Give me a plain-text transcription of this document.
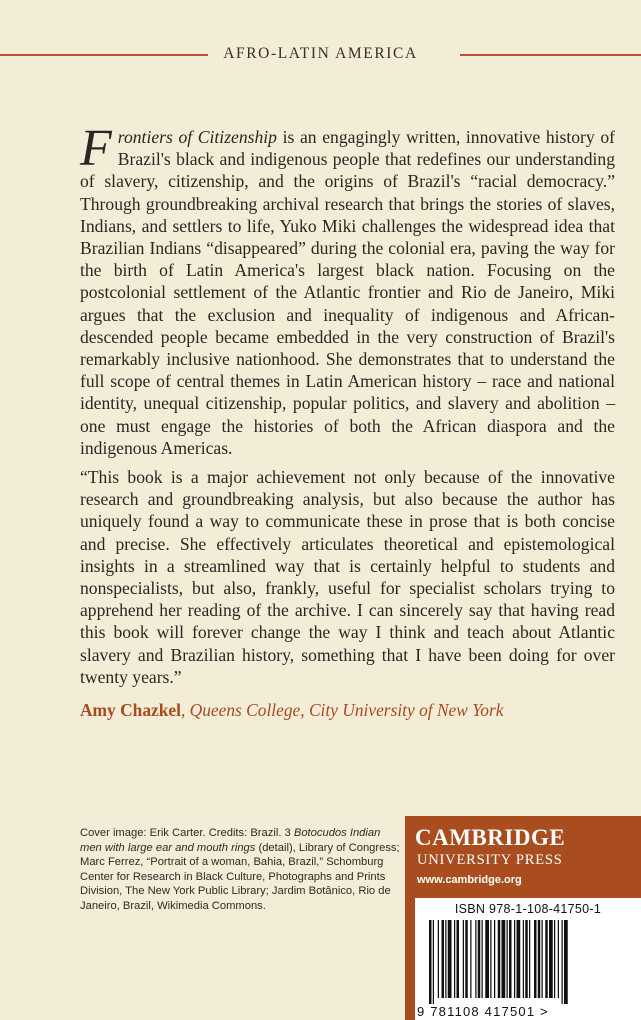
AFRO-LATIN AMERICA
Frontiers of Citizenship is an engagingly written, innovative history of Brazil's black and indigenous people that redefines our understanding of slavery, citizenship, and the origins of Brazil's “racial democracy.” Through groundbreaking archival research that brings the stories of slaves, Indians, and settlers to life, Yuko Miki challenges the widespread idea that Brazilian Indians “disappeared” during the colonial era, paving the way for the birth of Latin America's largest black nation. Focusing on the postcolonial settlement of the Atlantic frontier and Rio de Janeiro, Miki argues that the exclusion and inequality of indigenous and African-descended people became embedded in the very construction of Brazil's remarkably inclusive nationhood. She demonstrates that to understand the full scope of central themes in Latin American history – race and national identity, unequal citizenship, popular politics, and slavery and abolition – one must engage the histories of both the African diaspora and the indigenous Americas.
“This book is a major achievement not only because of the innovative research and groundbreaking analysis, but also because the author has uniquely found a way to communicate these in prose that is both concise and precise. She effectively articulates theoretical and epistemological insights in a streamlined way that is certainly helpful to students and nonspecialists, but also, frankly, useful for specialist scholars trying to apprehend her reading of the archive. I can sincerely say that having read this book will forever change the way I think and teach about Atlantic slavery and Brazilian history, something that I have been doing for over twenty years.”
Amy Chazkel, Queens College, City University of New York
Cover image: Erik Carter. Credits: Brazil. 3 Botocudos Indian men with large ear and mouth rings (detail), Library of Congress; Marc Ferrez, “Portrait of a woman, Bahia, Brazil,” Schomburg Center for Research in Black Culture, Photographs and Prints Division, The New York Public Library; Jardim Botânico, Rio de Janeiro, Brazil, Wikimedia Commons.
CAMBRIDGE
UNIVERSITY PRESS
www.cambridge.org
ISBN 978-1-108-41750-1
9 781108 417501 >
